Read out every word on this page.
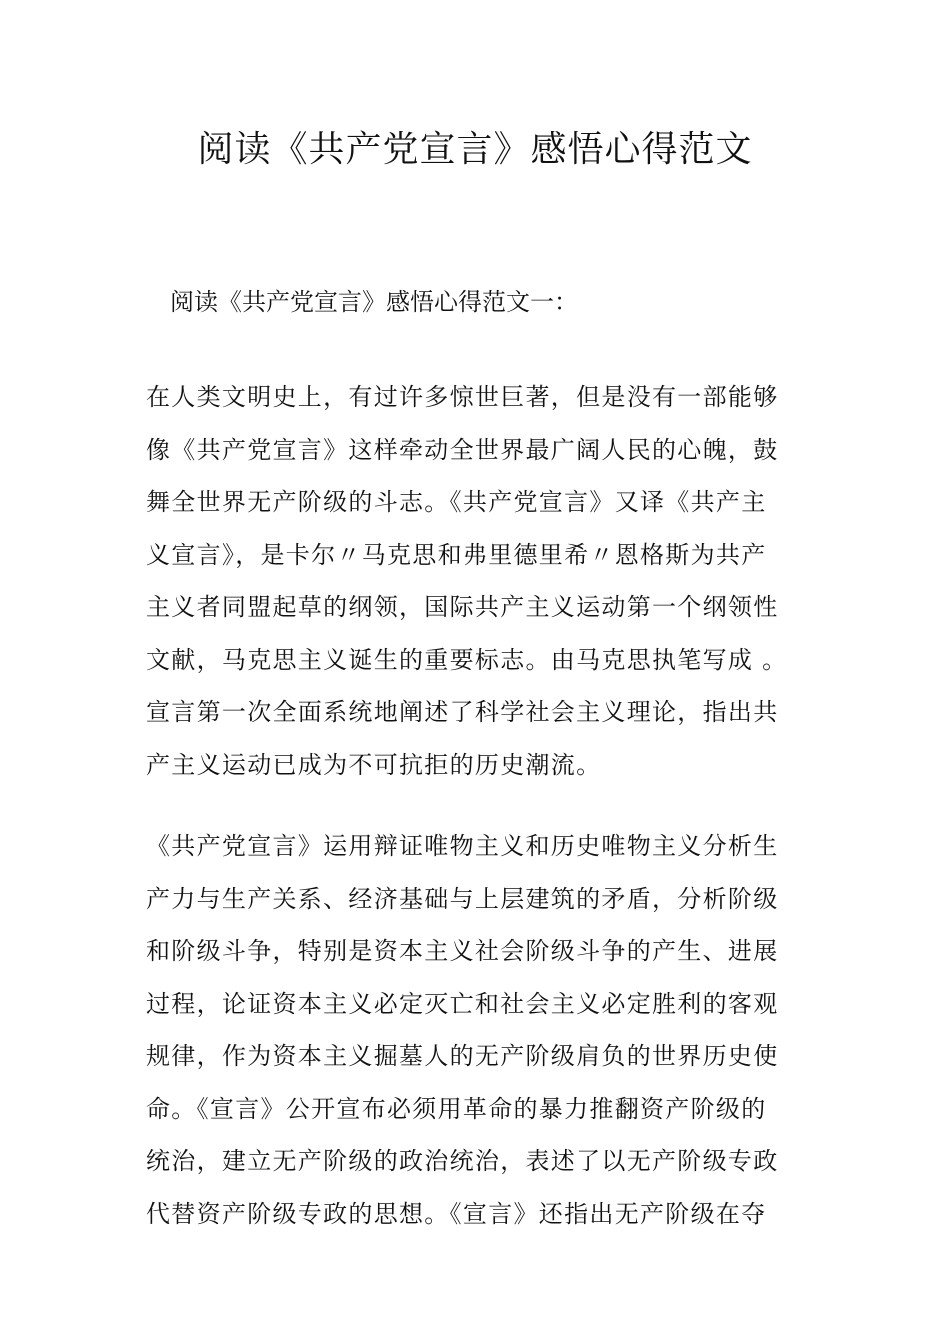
阅读《共产党宣言》感悟心得范文
阅读《共产党宣言》感悟心得范文一：
在人类文明史上，有过许多惊世巨著，但是没有一部能够
像《共产党宣言》这样牵动全世界最广阔人民的心魄，鼓
舞全世界无产阶级的斗志。《共产党宣言》又译《共产主
义宣言》，是卡尔〃马克思和弗里德里希〃恩格斯为共产
主义者同盟起草的纲领，国际共产主义运动第一个纲领性
文献，马克思主义诞生的重要标志。由马克思执笔写成 。
宣言第一次全面系统地阐述了科学社会主义理论，指出共
产主义运动已成为不可抗拒的历史潮流。
《共产党宣言》运用辩证唯物主义和历史唯物主义分析生
产力与生产关系、经济基础与上层建筑的矛盾，分析阶级
和阶级斗争，特别是资本主义社会阶级斗争的产生、进展
过程，论证资本主义必定灭亡和社会主义必定胜利的客观
规律，作为资本主义掘墓人的无产阶级肩负的世界历史使
命。《宣言》公开宣布必须用革命的暴力推翻资产阶级的
统治，建立无产阶级的政治统治，表述了以无产阶级专政
代替资产阶级专政的思想。《宣言》还指出无产阶级在夺
